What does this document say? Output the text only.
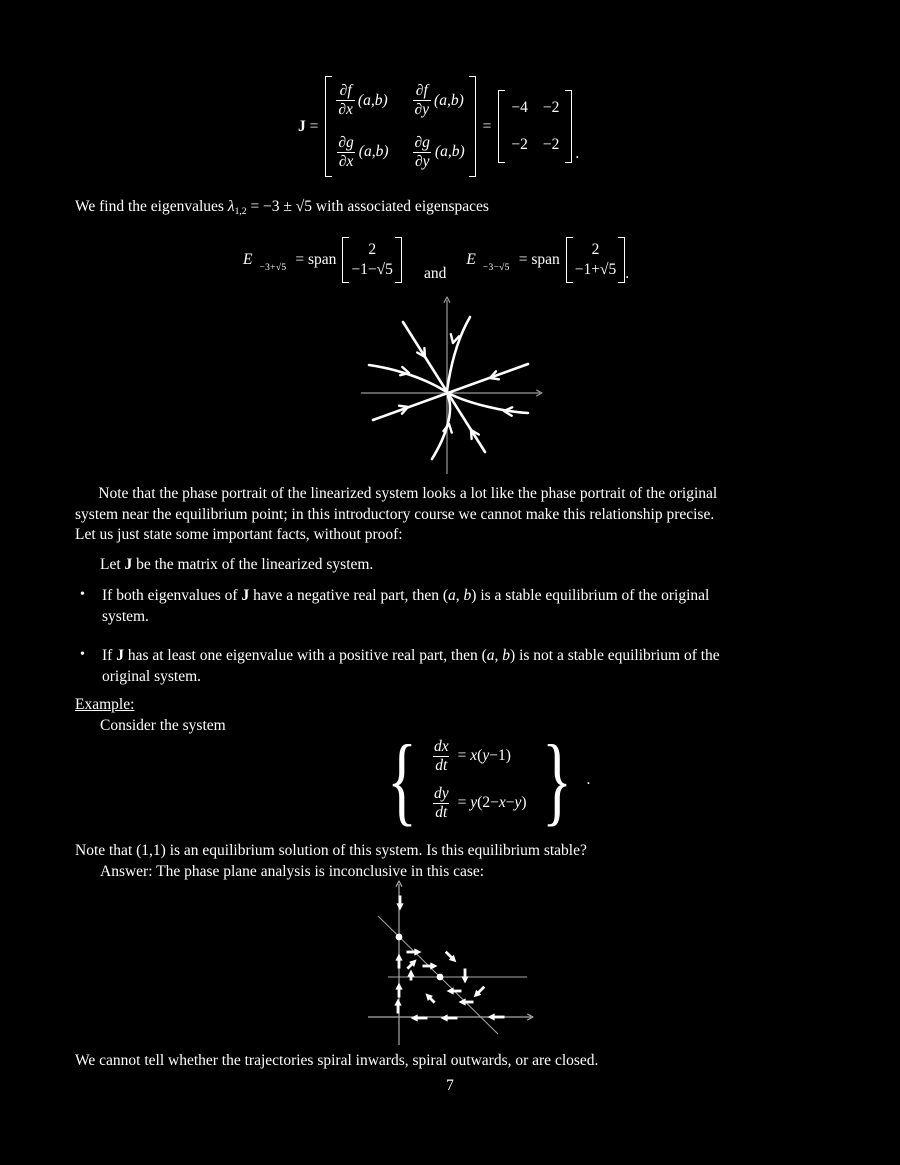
J =
$\frac{\partial f}{\partial x} (a,b) \frac{\partial f}{\partial y} (a,b)$
$\frac{\partial g}{\partial x} (a,b) \frac{\partial g}{\partial y} (a,b)$
=
−4 −2
−2 −2
.
We find the eigenvalues λ1,2 = −3 ± √5 with associated eigenspaces
E −3+√5 = span
2
−1−√5 and
E −3−√5 = span
2
−1+√5 .
Note that the phase portrait of the linearized system looks a lot like the phase portrait of the original
system near the equilibrium point; in this introductory course we cannot make this relationship precise.
Let us just state some important facts, without proof:
Let J be the matrix of the linearized system.
• If both eigenvalues of J have a negative real part, then (a, b) is a stable equilibrium of the original
system.
• If J has at least one eigenvalue with a positive real part, then (a, b) is not a stable equilibrium of the
original system.
Example:
Consider the system { $\frac{dx}{dt} = x(y-1)$
$\frac{dy}{dt} = y(2-x-y)$ } .
Note that (1,1) is an equilibrium solution of this system. Is this equilibrium stable?
Answer: The phase plane analysis is inconclusive in this case:
We cannot tell whether the trajectories spiral inwards, spiral outwards, or are closed.
7
